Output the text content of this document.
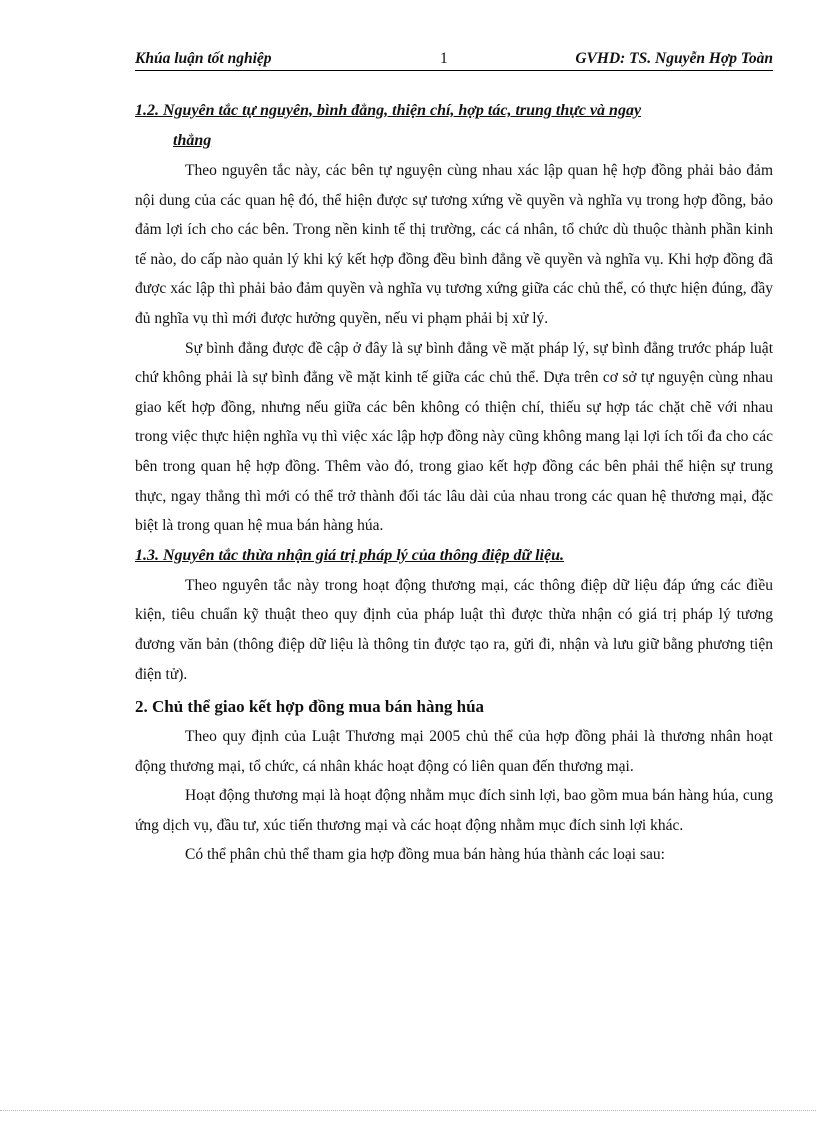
Khúa luận tốt nghiệp	1	GVHD: TS. Nguyễn Hợp Toàn
1.2. Nguyên tắc tự nguyên, bình đẳng, thiện chí, hợp tác, trung thực và ngay
thẳng

Theo nguyên tắc này, các bên tự nguyện cùng nhau xác lập quan hệ hợp đồng phải bảo đảm nội dung của các quan hệ đó, thể hiện được sự tương xứng về quyền và nghĩa vụ trong hợp đồng, bảo đảm lợi ích cho các bên. Trong nền kinh tế thị trường, các cá nhân, tổ chức dù thuộc thành phần kinh tế nào, do cấp nào quản lý khi ký kết hợp đồng đều bình đẳng về quyền và nghĩa vụ. Khi hợp đồng đã được xác lập thì phải bảo đảm quyền và nghĩa vụ tương xứng giữa các chủ thể, có thực hiện đúng, đầy đủ nghĩa vụ thì mới được hưởng quyền, nếu vi phạm phải bị xử lý.

Sự bình đẳng được đề cập ở đây là sự bình đẳng về mặt pháp lý, sự bình đẳng trước pháp luật chứ không phải là sự bình đẳng về mặt kinh tế giữa các chủ thể. Dựa trên cơ sở tự nguyện cùng nhau giao kết hợp đồng, nhưng nếu giữa các bên không có thiện chí, thiếu sự hợp tác chặt chẽ với nhau trong việc thực hiện nghĩa vụ thì việc xác lập hợp đồng này cũng không mang lại lợi ích tối đa cho các bên trong quan hệ hợp đồng. Thêm vào đó, trong giao kết hợp đồng các bên phải thể hiện sự trung thực, ngay thẳng thì mới có thể trở thành đối tác lâu dài của nhau trong các quan hệ thương mại, đặc biệt là trong quan hệ mua bán hàng húa.

1.3. Nguyên tắc thừa nhận giá trị pháp lý của thông điệp dữ liệu.

Theo nguyên tắc này trong hoạt động thương mại, các thông điệp dữ liệu đáp ứng các điều kiện, tiêu chuẩn kỹ thuật theo quy định của pháp luật thì được thừa nhận có giá trị pháp lý tương đương văn bản (thông điệp dữ liệu là thông tin được tạo ra, gửi đi, nhận và lưu giữ bằng phương tiện điện tử).

2. Chủ thể giao kết hợp đồng mua bán hàng húa

Theo quy định của Luật Thương mại 2005 chủ thể của hợp đồng phải là thương nhân hoạt động thương mại, tổ chức, cá nhân khác hoạt động có liên quan đến thương mại.

Hoạt động thương mại là hoạt động nhằm mục đích sinh lợi, bao gồm mua bán hàng húa, cung ứng dịch vụ, đầu tư, xúc tiến thương mại và các hoạt động nhằm mục đích sinh lợi khác.

Có thể phân chủ thể tham gia hợp đồng mua bán hàng húa thành các loại sau:
